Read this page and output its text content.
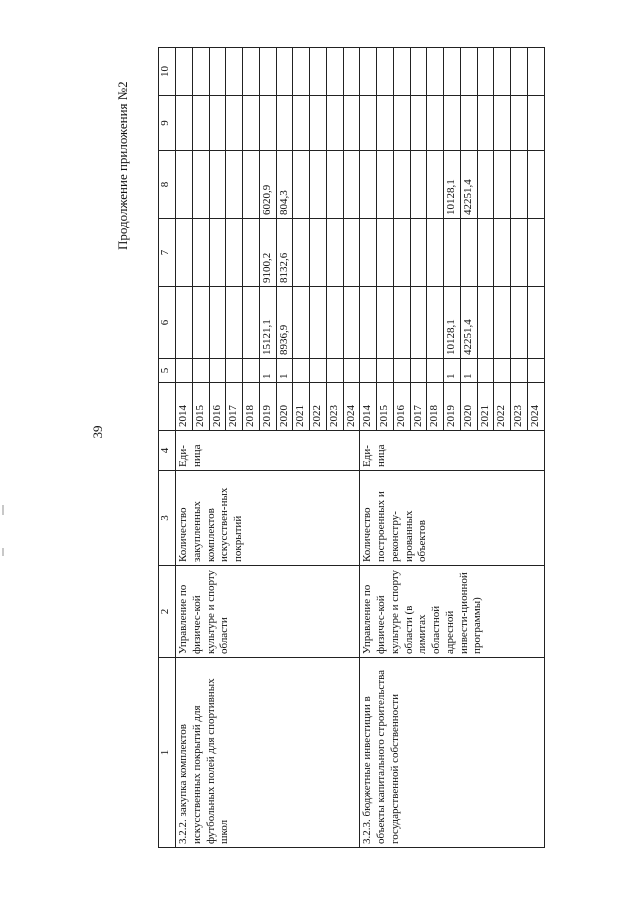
39
Продолжение приложения №2
1	2	3	4		5	6	7	8	9	10
3.2.2. закупка комплектов искусственных покрытий для футбольных полей для спортивных школ	Управление по физичес-кой культуре и спорту области	Количество закупленных комплектов искусствен-ных покрытий	Еди-ница	2014						
				2015						
				2016						
				2017						
				2018						
				2019	1	15121,1	9100,2	6020,9		
				2020	1	8936,9	8132,6	804,3		
				2021						
				2022						
				2023						
				2024						
3.2.3. бюджетные инвестиции в объекты капитального строительства государственной собственности	Управление по физичес-кой культуре и спорту области (в лимитах областной адресной инвести-ционной программы)	Количество построенных и реконстру-ированных объектов	Еди-ница	2014						
				2015						
				2016						
				2017						
				2018						
				2019	1	10128,1		10128,1		
				2020	1	42251,4		42251,4		
				2021						
				2022						
				2023						
				2024						
